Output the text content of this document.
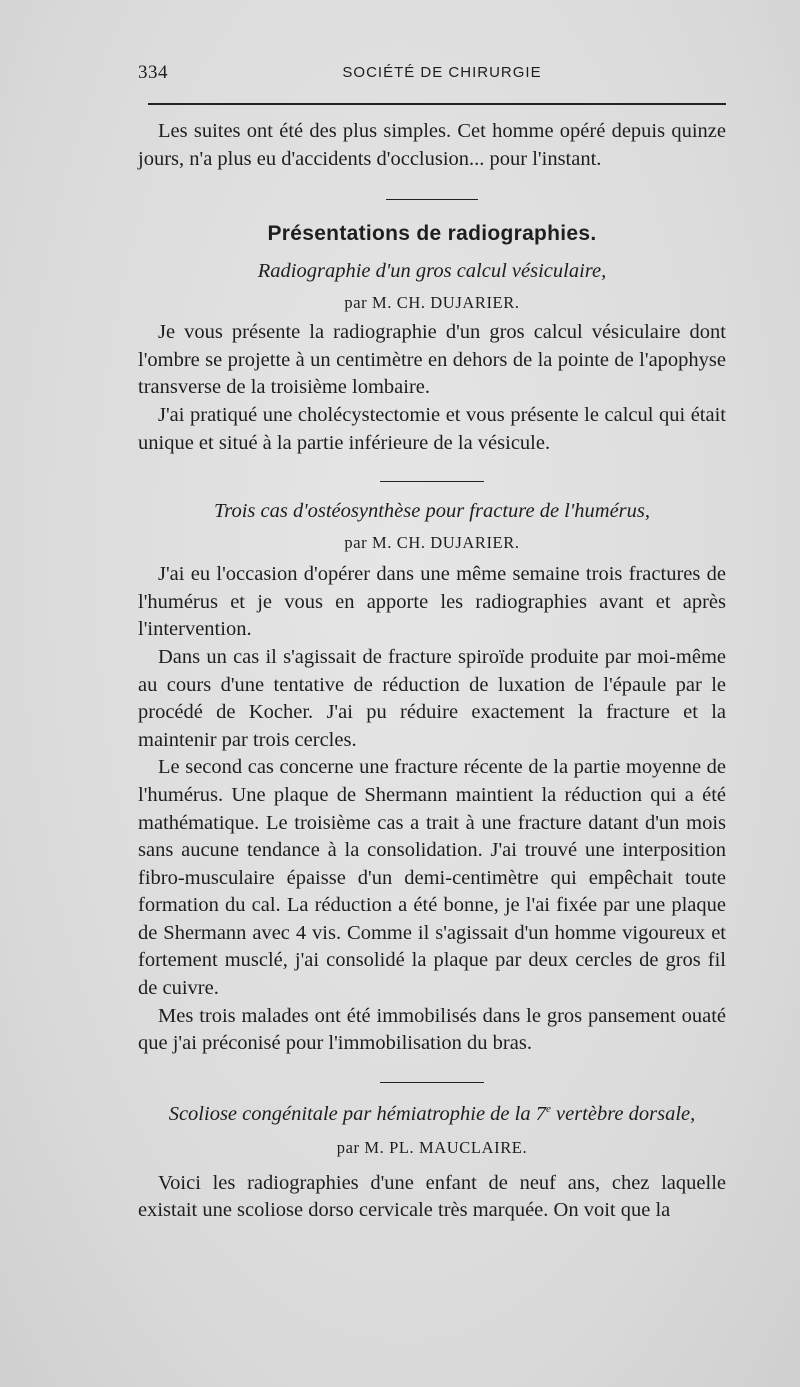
334	SOCIÉTÉ DE CHIRURGIE

Les suites ont été des plus simples. Cet homme opéré depuis quinze jours, n'a plus eu d'accidents d'occlusion... pour l'instant.

Présentations de radiographies.
Radiographie d'un gros calcul vésiculaire,
par M. CH. DUJARIER.

Je vous présente la radiographie d'un gros calcul vésiculaire dont l'ombre se projette à un centimètre en dehors de la pointe de l'apophyse transverse de la troisième lombaire.

J'ai pratiqué une cholécystectomie et vous présente le calcul qui était unique et situé à la partie inférieure de la vésicule.

Trois cas d'ostéosynthèse pour fracture de l'humérus,
par M. CH. DUJARIER.

J'ai eu l'occasion d'opérer dans une même semaine trois fractures de l'humérus et je vous en apporte les radiographies avant et après l'intervention.

Dans un cas il s'agissait de fracture spiroïde produite par moi-même au cours d'une tentative de réduction de luxation de l'épaule par le procédé de Kocher. J'ai pu réduire exactement la fracture et la maintenir par trois cercles.

Le second cas concerne une fracture récente de la partie moyenne de l'humérus. Une plaque de Shermann maintient la réduction qui a été mathématique. Le troisième cas a trait à une fracture datant d'un mois sans aucune tendance à la consolidation. J'ai trouvé une interposition fibro-musculaire épaisse d'un demi-centimètre qui empêchait toute formation du cal. La réduction a été bonne, je l'ai fixée par une plaque de Shermann avec 4 vis. Comme il s'agissait d'un homme vigoureux et fortement musclé, j'ai consolidé la plaque par deux cercles de gros fil de cuivre.

Mes trois malades ont été immobilisés dans le gros pansement ouaté que j'ai préconisé pour l'immobilisation du bras.

Scoliose congénitale par hémiatrophie de la 7e vertèbre dorsale,
par M. PL. MAUCLAIRE.

Voici les radiographies d'une enfant de neuf ans, chez laquelle existait une scoliose dorso cervicale très marquée. On voit que la
